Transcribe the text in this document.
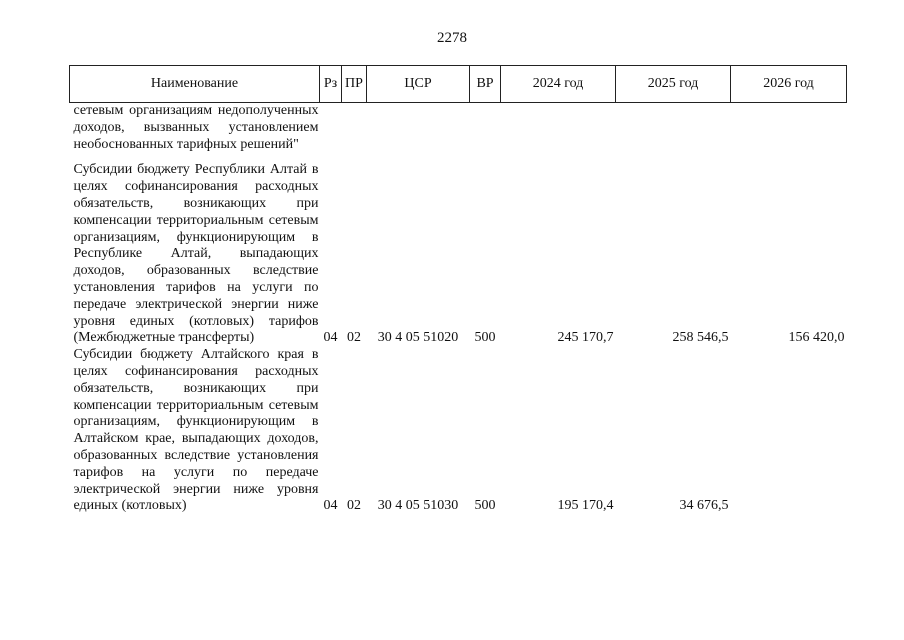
2278
Наименование	Рз	ПР	ЦСР	ВР	2024 год	2025 год	2026 год

сетевым организациям недополученных доходов, вызванных установлением необоснованных тарифных решений"							

Субсидии бюджету Республики Алтай в целях софинансирования расходных обязательств, возникающих при компенсации территориальным сетевым организациям, функционирующим в Республике Алтай, выпадающих доходов, образованных вследствие установления тарифов на услуги по передаче электрической энергии ниже уровня единых (котловых) тарифов (Межбюджетные трансферты)	04	02	30 4 05 51020	500	245 170,7	258 546,5	156 420,0

Субсидии бюджету Алтайского края в целях софинансирования расходных обязательств, возникающих при компенсации территориальным сетевым организациям, функционирующим в Алтайском крае, выпадающих доходов, образованных вследствие установления тарифов на услуги по передаче электрической энергии ниже уровня единых (котловых)	04	02	30 4 05 51030	500	195 170,4	34 676,5	
